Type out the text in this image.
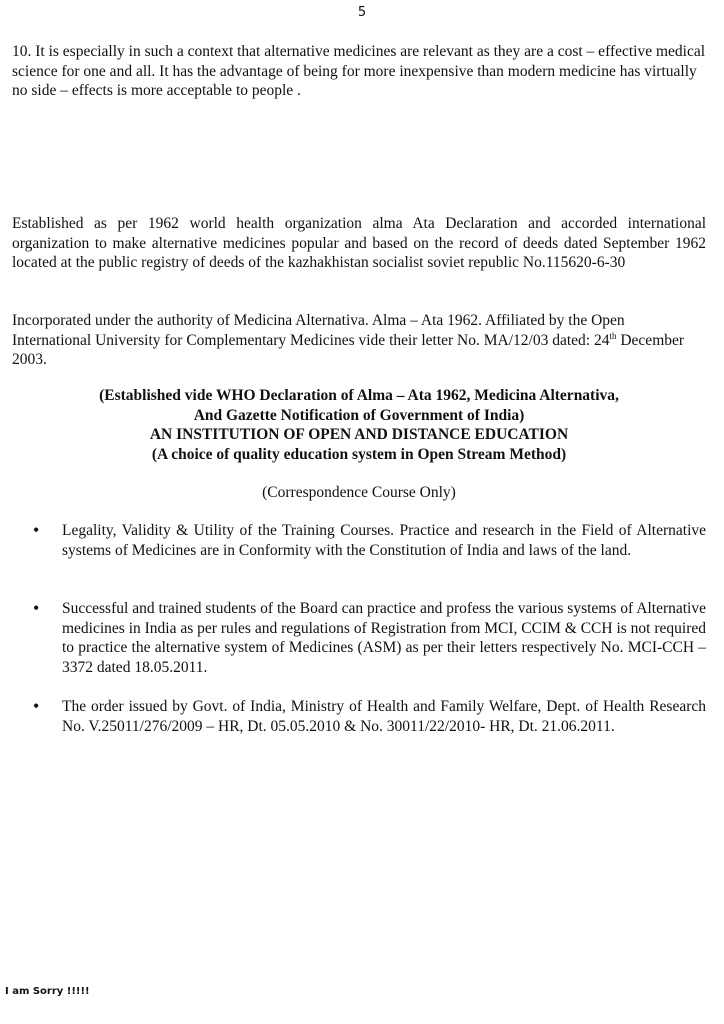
5

10. It is especially in such a context that alternative medicines are relevant as they are a cost – effective medical science for one and all. It has the advantage of being for more inexpensive than modern medicine has virtually no side – effects is more acceptable to people .

Established as per 1962 world health organization alma Ata Declaration and accorded international organization to make alternative medicines popular and based on the record of deeds dated September 1962 located at the public registry of deeds of the kazhakhistan socialist soviet republic No.115620-6-30

Incorporated under the authority of Medicina Alternativa. Alma – Ata 1962. Affiliated by the Open International University for Complementary Medicines vide their letter No. MA/12/03 dated: 24th December 2003.

(Established vide WHO Declaration of Alma – Ata 1962, Medicina Alternativa,
And Gazette Notification of Government of India)
AN INSTITUTION OF OPEN AND DISTANCE EDUCATION
(A choice of quality education system in Open Stream Method)

(Correspondence Course Only)

• Legality, Validity & Utility of the Training Courses. Practice and research in the Field of Alternative systems of Medicines are in Conformity with the Constitution of India and laws of the land.

• Successful and trained students of the Board can practice and profess the various systems of Alternative medicines in India as per rules and regulations of Registration from MCI, CCIM & CCH is not required to practice the alternative system of Medicines (ASM) as per their letters respectively No. MCI-CCH – 3372 dated 18.05.2011.

• The order issued by Govt. of India, Ministry of Health and Family Welfare, Dept. of Health Research No. V.25011/276/2009 – HR, Dt. 05.05.2010 & No. 30011/22/2010- HR, Dt. 21.06.2011.

I am Sorry !!!!!
